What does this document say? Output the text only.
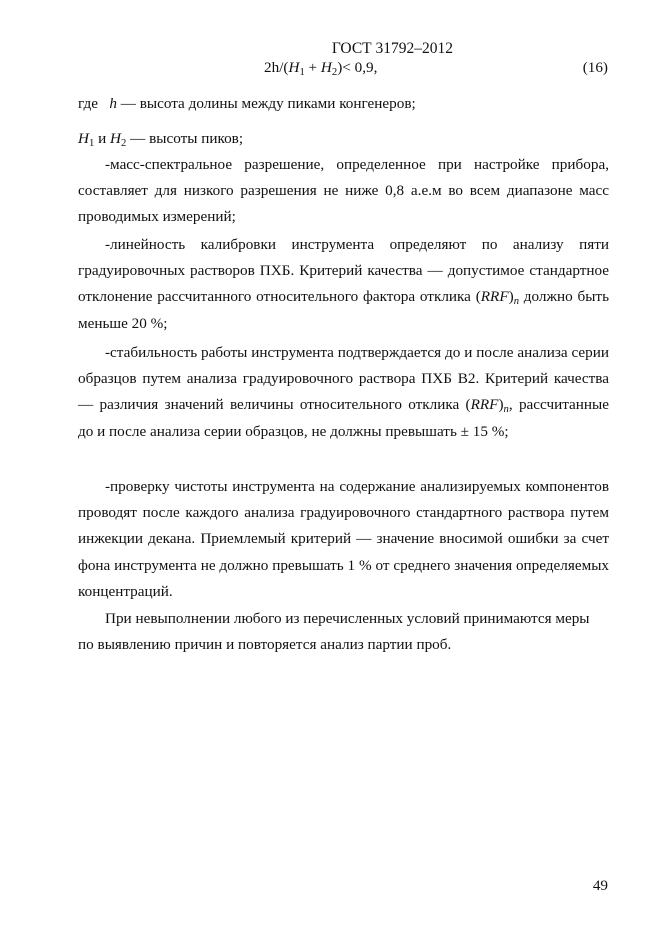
ГОСТ 31792–2012
$2h/(H_1 + H_2)< 0,9$,	(16)
где h — высота долины между пиками конгенеров;
$H_1$ и $H_2$ — высоты пиков;
-масс-спектральное разрешение, определенное при настройке прибора, составляет для низкого разрешения не ниже 0,8 а.е.м во всем диапазоне масс проводимых измерений;
-линейность калибровки инструмента определяют по анализу пяти градуировочных растворов ПХБ. Критерий качества — допустимое стандартное отклонение рассчитанного относительного фактора отклика $(RRF)_n$ должно быть меньше 20 %;
-стабильность работы инструмента подтверждается до и после анализа серии образцов путем анализа градуировочного раствора ПХБ В2. Критерий качества — различия значений величины относительного отклика $(RRF)_n$, рассчитанные до и после анализа серии образцов, не должны превышать ± 15 %;
-проверку чистоты инструмента на содержание анализируемых компонентов проводят после каждого анализа градуировочного стандартного раствора путем инжекции декана. Приемлемый критерий — значение вносимой ошибки за счет фона инструмента не должно превышать 1 % от среднего значения определяемых концентраций.
При невыполнении любого из перечисленных условий принимаются меры по выявлению причин и повторяется анализ партии проб.
49
